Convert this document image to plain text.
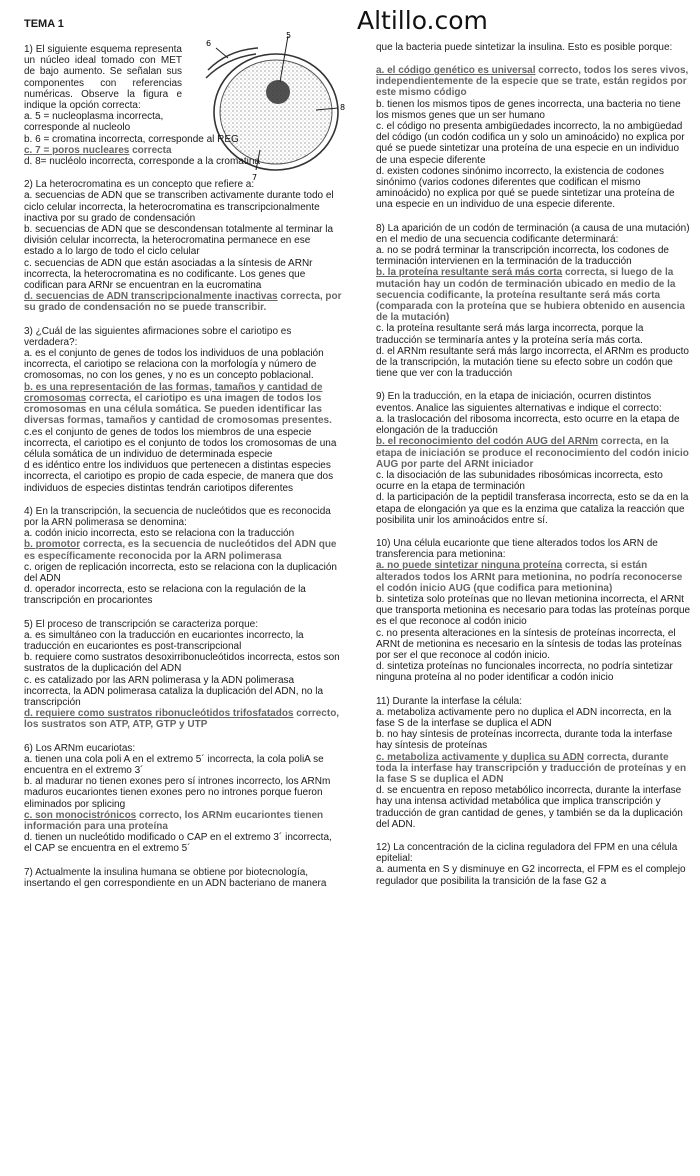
TEMA 1	Altillo.com
5
6
8
7

1) El siguiente esquema representa un núcleo ideal tomado con MET de bajo aumento. Se señalan sus componentes con referencias numéricas. Observe la figura e indique la opción correcta:

a. 5 = nucleoplasma incorrecta, corresponde al nucleolo

b. 6 = cromatina incorrecta, corresponde al REG

c. 7 = poros nucleares correcta

d. 8= nucléolo incorrecta, corresponde a la cromatina

2) La heterocromatina es un concepto que refiere a:

a. secuencias de ADN que se transcriben activamente durante todo el ciclo celular incorrecta, la heterocromatina es transcripcionalmente inactiva por su grado de condensación

b. secuencias de ADN que se descondensan totalmente al terminar la división celular incorrecta, la heterocromatina permanece en ese estado a lo largo de todo el ciclo celular

c. secuencias de ADN que están asociadas a la síntesis de ARNr incorrecta, la heterocromatina es no codificante. Los genes que codifican para ARNr se encuentran en la eucromatina

d. secuencias de ADN transcripcionalmente inactivas correcta, por su grado de condensación no se puede transcribir.

3) ¿Cuál de las siguientes afirmaciones sobre el cariotipo es verdadera?:

a. es el conjunto de genes de todos los individuos de una población incorrecta, el cariotipo se relaciona con la morfología y número de cromosomas, no con los genes, y no es un concepto poblacional.

b. es una representación de las formas, tamaños y cantidad de cromosomas correcta, el cariotipo es una imagen de todos los cromosomas en una célula somática. Se pueden identificar las diversas formas, tamaños y cantidad de cromosomas presentes.

c.es el conjunto de genes de todos los miembros de una especie incorrecta, el cariotipo es el conjunto de todos los cromosomas de una célula somática de un individuo de determinada especie

d es idéntico entre los individuos que pertenecen a distintas especies incorrecta, el cariotipo es propio de cada especie, de manera que dos individuos de especies distintas tendrán cariotipos diferentes

4) En la transcripción, la secuencia de nucleótidos que es reconocida por la ARN polimerasa se denomina:

a. codón inicio incorrecta, esto se relaciona con la traducción

b. promotor correcta, es la secuencia de nucleótidos del ADN que es específicamente reconocida por la ARN polimerasa

c. origen de replicación incorrecta, esto se relaciona con la duplicación del ADN

d. operador incorrecta, esto se relaciona con la regulación de la transcripción en procariontes

5) El proceso de transcripción se caracteriza porque:

a. es simultáneo con la traducción en eucariontes incorrecto, la traducción en eucariontes es post-transcripcional

b. requiere como sustratos desoxirribonucleótidos incorrecta, estos son sustratos de la duplicación del ADN

c. es catalizado por las ARN polimerasa y la ADN polimerasa incorrecta, la ADN polimerasa cataliza la duplicación del ADN, no la transcripción

d. requiere como sustratos ribonucleótidos trifosfatados correcto, los sustratos son ATP, ATP, GTP y UTP

6) Los ARNm eucariotas:

a. tienen una cola poli A en el extremo 5´ incorrecta, la cola poliA se encuentra en el extremo 3´

b. al madurar no tienen exones pero sí intrones incorrecto, los ARNm maduros eucariontes tienen exones pero no intrones porque fueron eliminados por splicing

c. son monocistrónicos correcto, los ARNm eucariontes tienen información para una proteína

d. tienen un nucleótido modificado o CAP en el extremo 3´ incorrecta, el CAP se encuentra en el extremo 5´

7) Actualmente la insulina humana se obtiene por biotecnología, insertando el gen correspondiente en un ADN bacteriano de manera

que la bacteria puede sintetizar la insulina. Esto es posible porque:

a. el código genético es universal correcto, todos los seres vivos, independientemente de la especie que se trate, están regidos por este mismo código

b. tienen los mismos tipos de genes incorrecta, una bacteria no tiene los mismos genes que un ser humano

c. el código no presenta ambigüedades incorrecto, la no ambigüedad del código (un codón codifica un y solo un aminoácido) no explica por qué se puede sintetizar una proteína de una especie en un individuo de una especie diferente

d. existen codones sinónimo incorrecto, la existencia de codones sinónimo (varios codones diferentes que codifican el mismo aminoácido) no explica por qué se puede sintetizar una proteína de una especie en un individuo de una especie diferente.

8) La aparición de un codón de terminación (a causa de una mutación) en el medio de una secuencia codificante determinará:

a. no se podrá terminar la transcripción incorrecta, los codones de terminación intervienen en la terminación de la traducción

b. la proteína resultante será más corta correcta, si luego de la mutación hay un codón de terminación ubicado en medio de la secuencia codificante, la proteína resultante será más corta (comparada con la proteína que se hubiera obtenido en ausencia de la mutación)

c. la proteína resultante será más larga incorrecta, porque la traducción se terminaría antes y la proteína sería más corta.

d. el ARNm resultante será más largo incorrecta, el ARNm es producto de la transcripción, la mutación tiene su efecto sobre un codón que tiene que ver con la traducción

9) En la traducción, en la etapa de iniciación, ocurren distintos eventos. Analice las siguientes alternativas e indique el correcto:

a. la traslocación del ribosoma incorrecta, esto ocurre en la etapa de elongación de la traducción

b. el reconocimiento del codón AUG del ARNm correcta, en la etapa de iniciación se produce el reconocimiento del codón inicio AUG por parte del ARNt iniciador

c. la disociación de las subunidades ribosómicas incorrecta, esto ocurre en la etapa de terminación

d. la participación de la peptidil transferasa incorrecta, esto se da en la etapa de elongación ya que es la enzima que cataliza la reacción que posibilita unir los aminoácidos entre sí.

10) Una célula eucarionte que tiene alterados todos los ARN de transferencia para metionina:

a. no puede sintetizar ninguna proteína correcta, si están alterados todos los ARNt para metionina, no podría reconocerse el codón inicio AUG (que codifica para metionina)

b. sintetiza solo proteínas que no llevan metionina incorrecta, el ARNt que transporta metionina es necesario para todas las proteínas porque es el que reconoce al codón inicio

c. no presenta alteraciones en la síntesis de proteínas incorrecta, el ARNt de metionina es necesario en la síntesis de todas las proteínas por ser el que reconoce al codón inicio.

d. sintetiza proteínas no funcionales incorrecta, no podría sintetizar ninguna proteína al no poder identificar a codón inicio

11) Durante la interfase la célula:

a. metaboliza activamente pero no duplica el ADN incorrecta, en la fase S de la interfase se duplica el ADN

b. no hay síntesis de proteínas incorrecta, durante toda la interfase hay síntesis de proteínas

c. metaboliza activamente y duplica su ADN correcta, durante toda la interfase hay transcripción y traducción de proteínas y en la fase S se duplica el ADN

d. se encuentra en reposo metabólico incorrecta, durante la interfase hay una intensa actividad metabólica que implica transcripción y traducción de gran cantidad de genes, y también se da la duplicación del ADN.

12) La concentración de la ciclina reguladora del FPM en una célula epitelial:

a. aumenta en S y disminuye en G2 incorrecta, el FPM es el complejo regulador que posibilita la transición de la fase G2 a
